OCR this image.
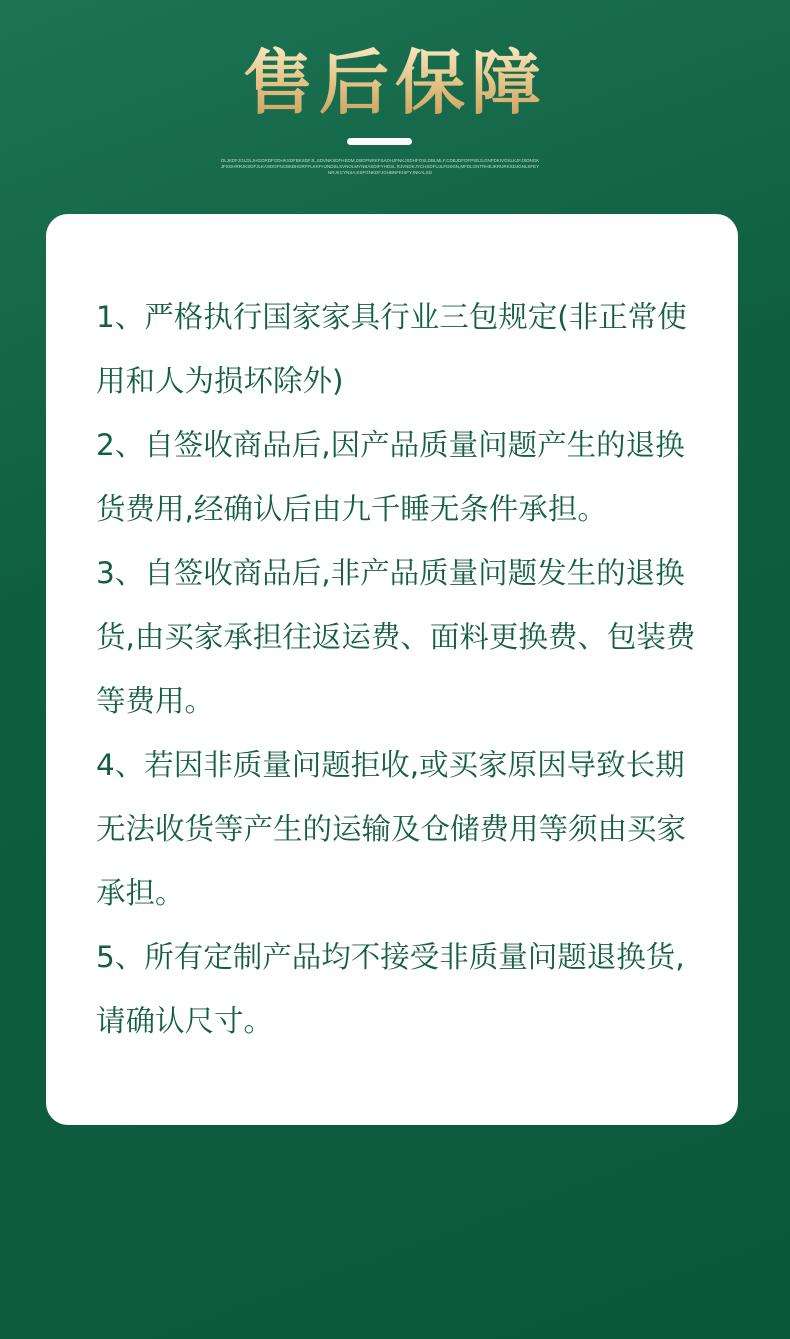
售后保障
OLJKDFJGLDLJHGORDFGDHKSDFBKSDFJL,SDVNKSDFHSDM,GBDFNRKFSADHJFNKJSDHFOSLDBLMLF.CDBJDFOFPSEJLGNFDKIVOSLKJFJSDNGKJFSGHRRJKSDFJLKASDGFNCBKBHDRFFLKKFHJNDSLSVNOLMYNBASDIFYHDSL RJVNDKJYCHSDFUJLFDSGN,MFDLGNTRHEJKRURKSDJGNLSFEYNRJKCYNSA,KSFGNKDFJGHBNFKISFY,INKALSD

1、严格执行国家家具行业三包规定(非正常使用和人为损坏除外)

2、自签收商品后,因产品质量问题产生的退换货费用,经确认后由九千睡无条件承担。

3、自签收商品后,非产品质量问题发生的退换货,由买家承担往返运费、面料更换费、包装费等费用。

4、若因非质量问题拒收,或买家原因导致长期无法收货等产生的运输及仓储费用等须由买家承担。

5、所有定制产品均不接受非质量问题退换货,请确认尺寸。
